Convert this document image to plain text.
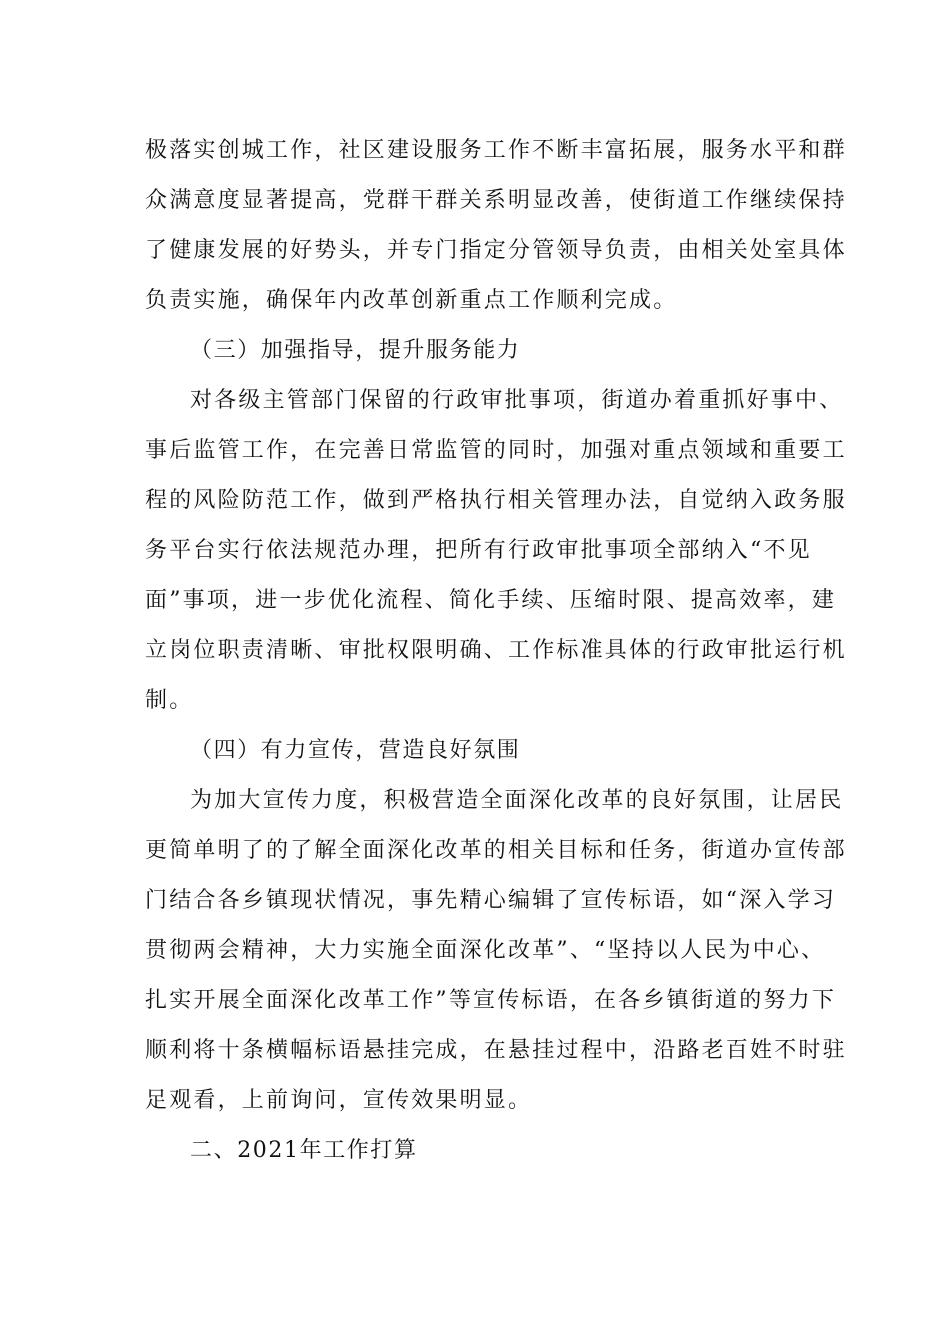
极落实创城工作，社区建设服务工作不断丰富拓展，服务水平和群
众满意度显著提高，党群干群关系明显改善，使街道工作继续保持
了健康发展的好势头，并专门指定分管领导负责，由相关处室具体
负责实施，确保年内改革创新重点工作顺利完成。
（三）加强指导，提升服务能力
对各级主管部门保留的行政审批事项，街道办着重抓好事中、
事后监管工作，在完善日常监管的同时，加强对重点领域和重要工
程的风险防范工作，做到严格执行相关管理办法，自觉纳入政务服
务平台实行依法规范办理，把所有行政审批事项全部纳入“不见
面”事项，进一步优化流程、简化手续、压缩时限、提高效率，建
立岗位职责清晰、审批权限明确、工作标准具体的行政审批运行机
制。
（四）有力宣传，营造良好氛围
为加大宣传力度，积极营造全面深化改革的良好氛围，让居民
更简单明了的了解全面深化改革的相关目标和任务，街道办宣传部
门结合各乡镇现状情况，事先精心编辑了宣传标语，如“深入学习
贯彻两会精神，大力实施全面深化改革”、“坚持以人民为中心、
扎实开展全面深化改革工作”等宣传标语，在各乡镇街道的努力下
顺利将十条横幅标语悬挂完成，在悬挂过程中，沿路老百姓不时驻
足观看，上前询问，宣传效果明显。
二、2021年工作打算
